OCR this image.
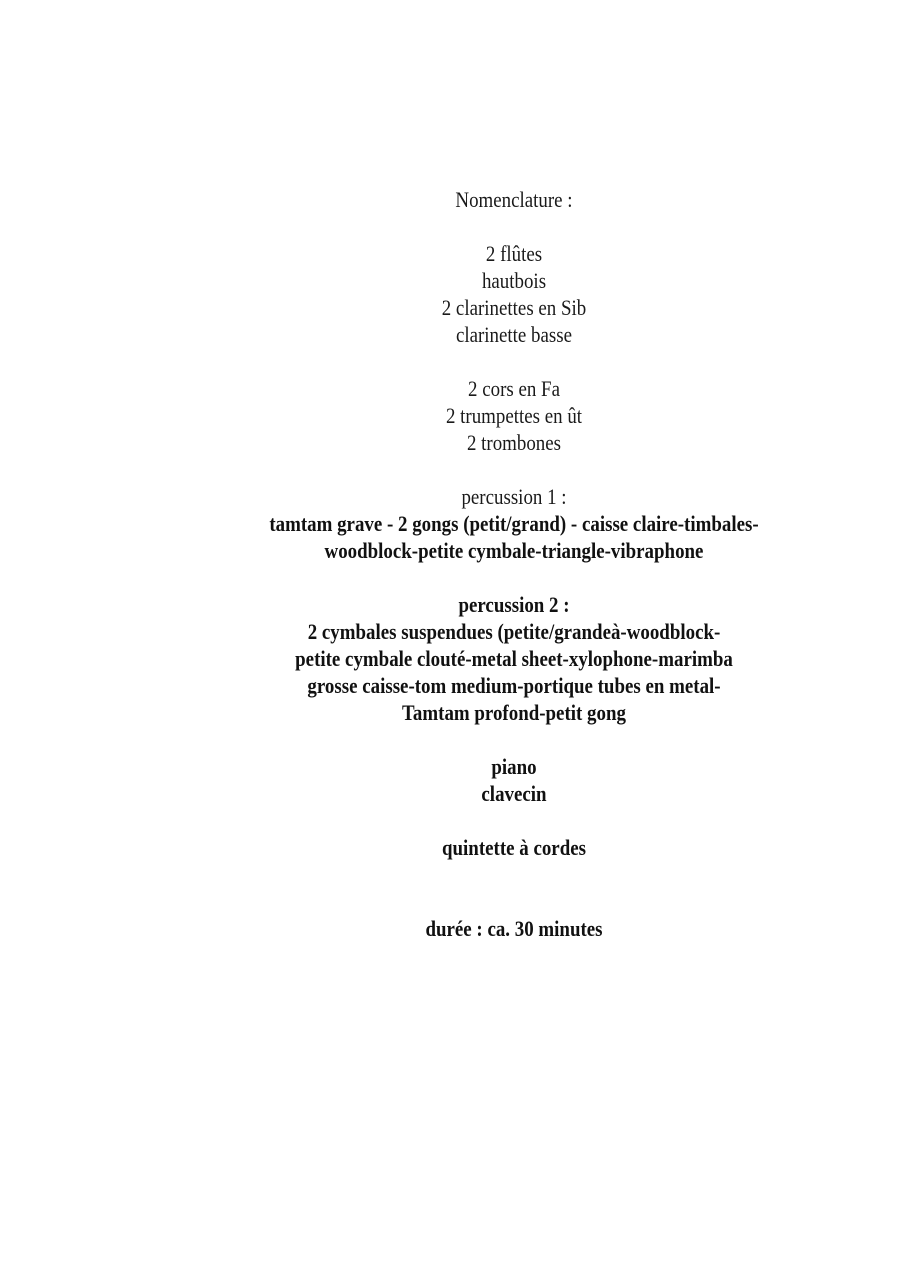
Nomenclature :
2 flûtes
hautbois
2 clarinettes en Sib
clarinette basse
2 cors en Fa
2 trumpettes en ût
2 trombones
percussion 1 :
tamtam grave - 2 gongs (petit/grand) - caisse claire-timbales-
woodblock-petite cymbale-triangle-vibraphone
percussion 2 :
2 cymbales suspendues (petite/grandeà-woodblock-
petite cymbale clouté-metal sheet-xylophone-marimba
grosse caisse-tom medium-portique tubes en metal-
Tamtam profond-petit gong
piano
clavecin
quintette à cordes
durée : ca. 30 minutes
